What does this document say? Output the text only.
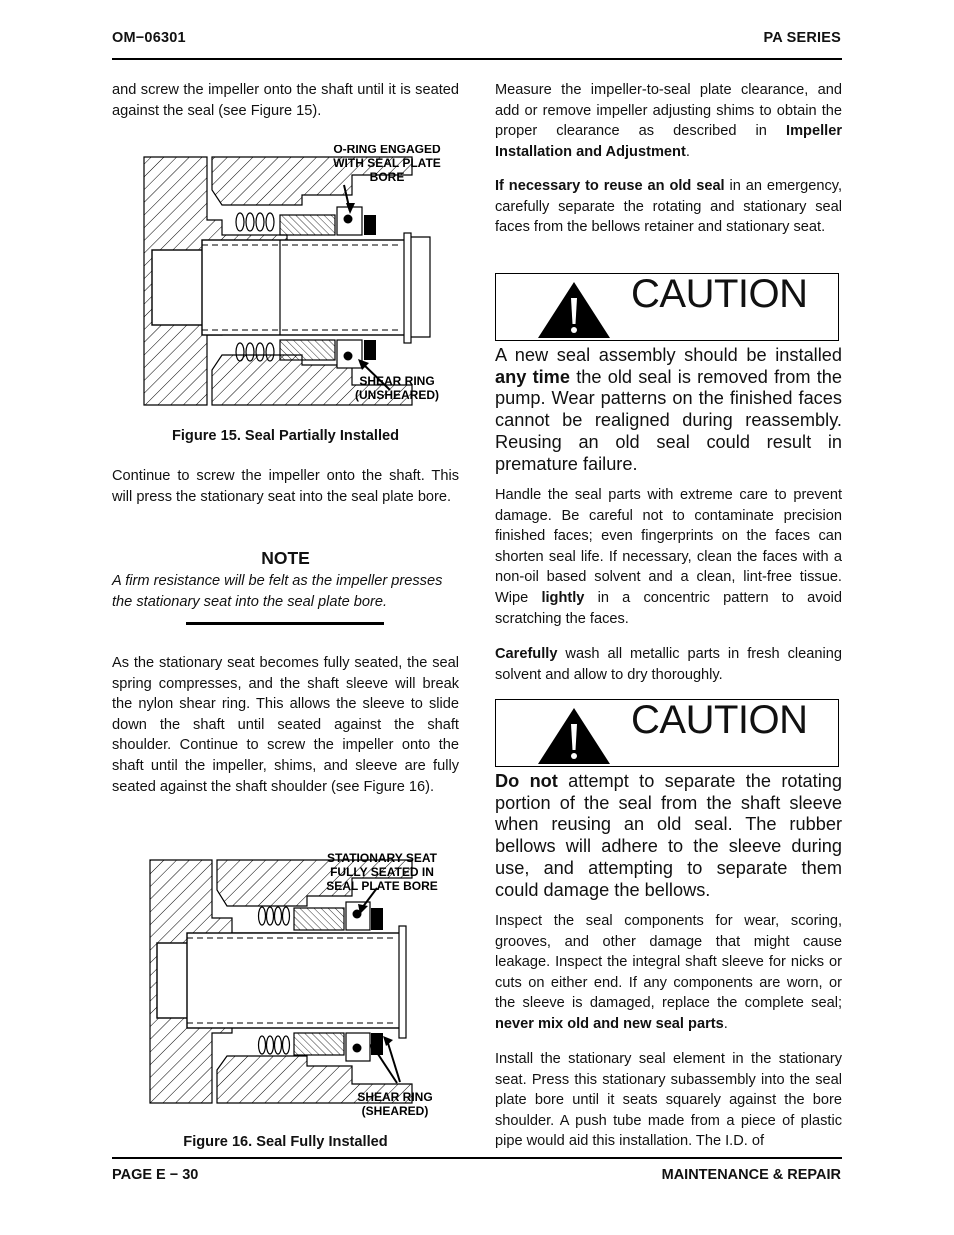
OM−06301	PA SERIES

and screw the impeller onto the shaft until it is seated against the seal (see Figure 15).

O-RING ENGAGED
WITH SEAL PLATE
BORE
SHEAR RING
(UNSHEARED)
Figure 15. Seal Partially Installed

Continue to screw the impeller onto the shaft. This will press the stationary seat into the seal plate bore.

NOTE
A firm resistance will be felt as the impeller presses the stationary seat into the seal plate bore.

As the stationary seat becomes fully seated, the seal spring compresses, and the shaft sleeve will break the nylon shear ring. This allows the sleeve to slide down the shaft until seated against the shaft shoulder. Continue to screw the impeller onto the shaft until the impeller, shims, and sleeve are fully seated against the shaft shoulder (see Figure 16).

STATIONARY SEAT
FULLY SEATED IN
SEAL PLATE BORE
SHEAR RING
(SHEARED)
Figure 16. Seal Fully Installed

Measure the impeller-to-seal plate clearance, and add or remove impeller adjusting shims to obtain the proper clearance as described in Impeller Installation and Adjustment.

If necessary to reuse an old seal in an emergency, carefully separate the rotating and stationary seal faces from the bellows retainer and stationary seat.

CAUTION

A new seal assembly should be installed any time the old seal is removed from the pump. Wear patterns on the finished faces cannot be realigned during reassembly. Reusing an old seal could result in premature failure.

Handle the seal parts with extreme care to prevent damage. Be careful not to contaminate precision finished faces; even fingerprints on the faces can shorten seal life. If necessary, clean the faces with a non-oil based solvent and a clean, lint-free tissue. Wipe lightly in a concentric pattern to avoid scratching the faces.

Carefully wash all metallic parts in fresh cleaning solvent and allow to dry thoroughly.

CAUTION

Do not attempt to separate the rotating portion of the seal from the shaft sleeve when reusing an old seal. The rubber bellows will adhere to the sleeve during use, and attempting to separate them could damage the bellows.

Inspect the seal components for wear, scoring, grooves, and other damage that might cause leakage. Inspect the integral shaft sleeve for nicks or cuts on either end. If any components are worn, or the sleeve is damaged, replace the complete seal; never mix old and new seal parts.

Install the stationary seal element in the stationary seat. Press this stationary subassembly into the seal plate bore until it seats squarely against the bore shoulder. A push tube made from a piece of plastic pipe would aid this installation. The I.D. of

PAGE E − 30	MAINTENANCE & REPAIR
